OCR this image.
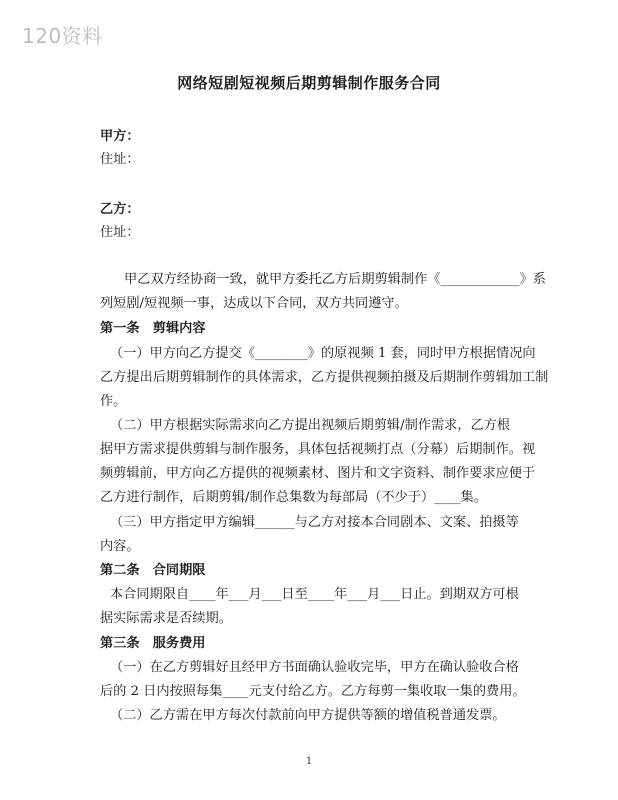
120资料
网络短剧短视频后期剪辑制作服务合同
甲方：
住址：
乙方：
住址：
甲乙双方经协商一致，就甲方委托乙方后期剪辑制作《____________》系
列短剧/短视频一事，达成以下合同，双方共同遵守。
第一条　剪辑内容
（一）甲方向乙方提交《________》的原视频 1 套，同时甲方根据情况向
乙方提出后期剪辑制作的具体需求，乙方提供视频拍摄及后期制作剪辑加工制
作。
（二）甲方根据实际需求向乙方提出视频后期剪辑/制作需求，乙方根
据甲方需求提供剪辑与制作服务，具体包括视频打点（分幕）后期制作。视
频剪辑前，甲方向乙方提供的视频素材、图片和文字资料、制作要求应便于
乙方进行制作，后期剪辑/制作总集数为每部局（不少于）____集。
（三）甲方指定甲方编辑______与乙方对接本合同剧本、文案、拍摄等
内容。
第二条　合同期限
本合同期限自____年___月___日至____年___月___日止。到期双方可根
据实际需求是否续期。
第三条　服务费用
（一）在乙方剪辑好且经甲方书面确认验收完毕，甲方在确认验收合格
后的 2 日内按照每集____元支付给乙方。乙方每剪一集收取一集的费用。
（二）乙方需在甲方每次付款前向甲方提供等额的增值税普通发票。
1
